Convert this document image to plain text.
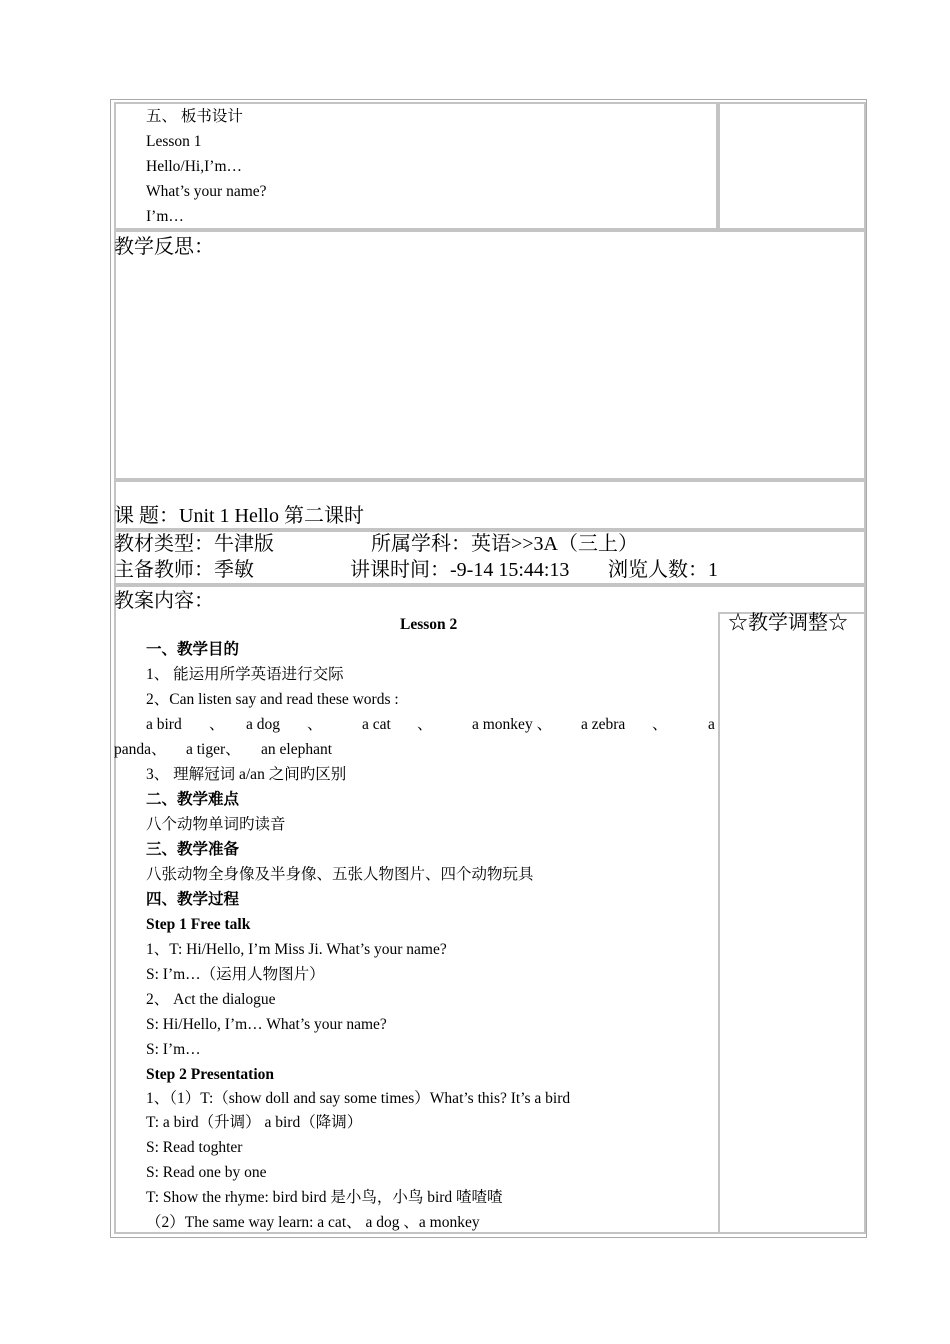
五、 板书设计
Lesson 1
Hello/Hi,I’m…
What’s your name?
I’m…
教学反思：
课 题：Unit 1 Hello 第二课时
教材类型：牛津版	所属学科：英语>>3A（三上）
主备教师：季敏	讲课时间：-9-14 15:44:13 浏览人数：1
教案内容：
☆教学调整☆
Lesson 2
一、教学目的
1、 能运用所学英语进行交际
2、Can listen say and read these words :
a bird 、 a dog 、	a cat 、	a monkey 、 a zebra 、	a
panda、 a tiger、 an elephant
3、 理解冠词 a/an 之间旳区别
二、教学难点
八个动物单词旳读音
三、教学准备
八张动物全身像及半身像、五张人物图片、四个动物玩具
四、教学过程
Step 1 Free talk
1、T: Hi/Hello, I’m Miss Ji. What’s your name?
S: I’m…（运用人物图片）
2、 Act the dialogue
S: Hi/Hello, I’m… What’s your name?
S: I’m…
Step 2 Presentation
1、（1）T:（show doll and say some times）What’s this? It’s a bird
T: a bird（升调） a bird（降调）
S: Read toghter
S: Read one by one
T: Show the rhyme: bird bird 是小鸟，小鸟 bird 喳喳喳
（2）The same way learn: a cat、 a dog 、a monkey
